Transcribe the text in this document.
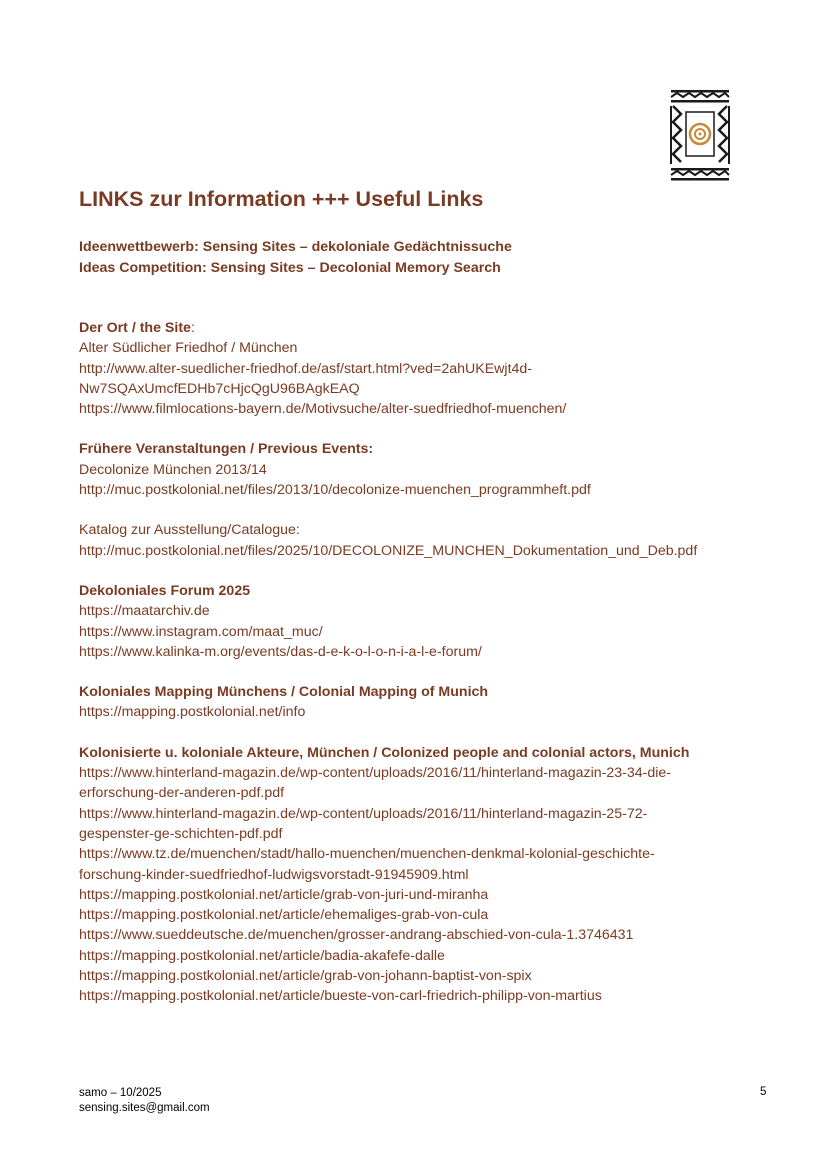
LINKS zur Information +++ Useful Links
Ideenwettbewerb: Sensing Sites – dekoloniale Gedächtnissuche
Ideas Competition: Sensing Sites – Decolonial Memory Search
Der Ort / the Site:
Alter Südlicher Friedhof / München
http://www.alter-suedlicher-friedhof.de/asf/start.html?ved=2ahUKEwjt4d-
Nw7SQAxUmcfEDHb7cHjcQgU96BAgkEAQ
https://www.filmlocations-bayern.de/Motivsuche/alter-suedfriedhof-muenchen/
Frühere Veranstaltungen / Previous Events:
Decolonize München 2013/14
http://muc.postkolonial.net/files/2013/10/decolonize-muenchen_programmheft.pdf
Katalog zur Ausstellung/Catalogue:
http://muc.postkolonial.net/files/2025/10/DECOLONIZE_MUNCHEN_Dokumentation_und_Deb.pdf
Dekoloniales Forum 2025
https://maatarchiv.de
https://www.instagram.com/maat_muc/
https://www.kalinka-m.org/events/das-d-e-k-o-l-o-n-i-a-l-e-forum/
Koloniales Mapping Münchens / Colonial Mapping of Munich
https://mapping.postkolonial.net/info
Kolonisierte u. koloniale Akteure, München / Colonized people and colonial actors, Munich
https://www.hinterland-magazin.de/wp-content/uploads/2016/11/hinterland-magazin-23-34-die-
erforschung-der-anderen-pdf.pdf
https://www.hinterland-magazin.de/wp-content/uploads/2016/11/hinterland-magazin-25-72-
gespenster-ge-schichten-pdf.pdf
https://www.tz.de/muenchen/stadt/hallo-muenchen/muenchen-denkmal-kolonial-geschichte-
forschung-kinder-suedfriedhof-ludwigsvorstadt-91945909.html
https://mapping.postkolonial.net/article/grab-von-juri-und-miranha
https://mapping.postkolonial.net/article/ehemaliges-grab-von-cula
https://www.sueddeutsche.de/muenchen/grosser-andrang-abschied-von-cula-1.3746431
https://mapping.postkolonial.net/article/badia-akafefe-dalle
https://mapping.postkolonial.net/article/grab-von-johann-baptist-von-spix
https://mapping.postkolonial.net/article/bueste-von-carl-friedrich-philipp-von-martius
samo – 10/2025
sensing.sites@gmail.com
5
